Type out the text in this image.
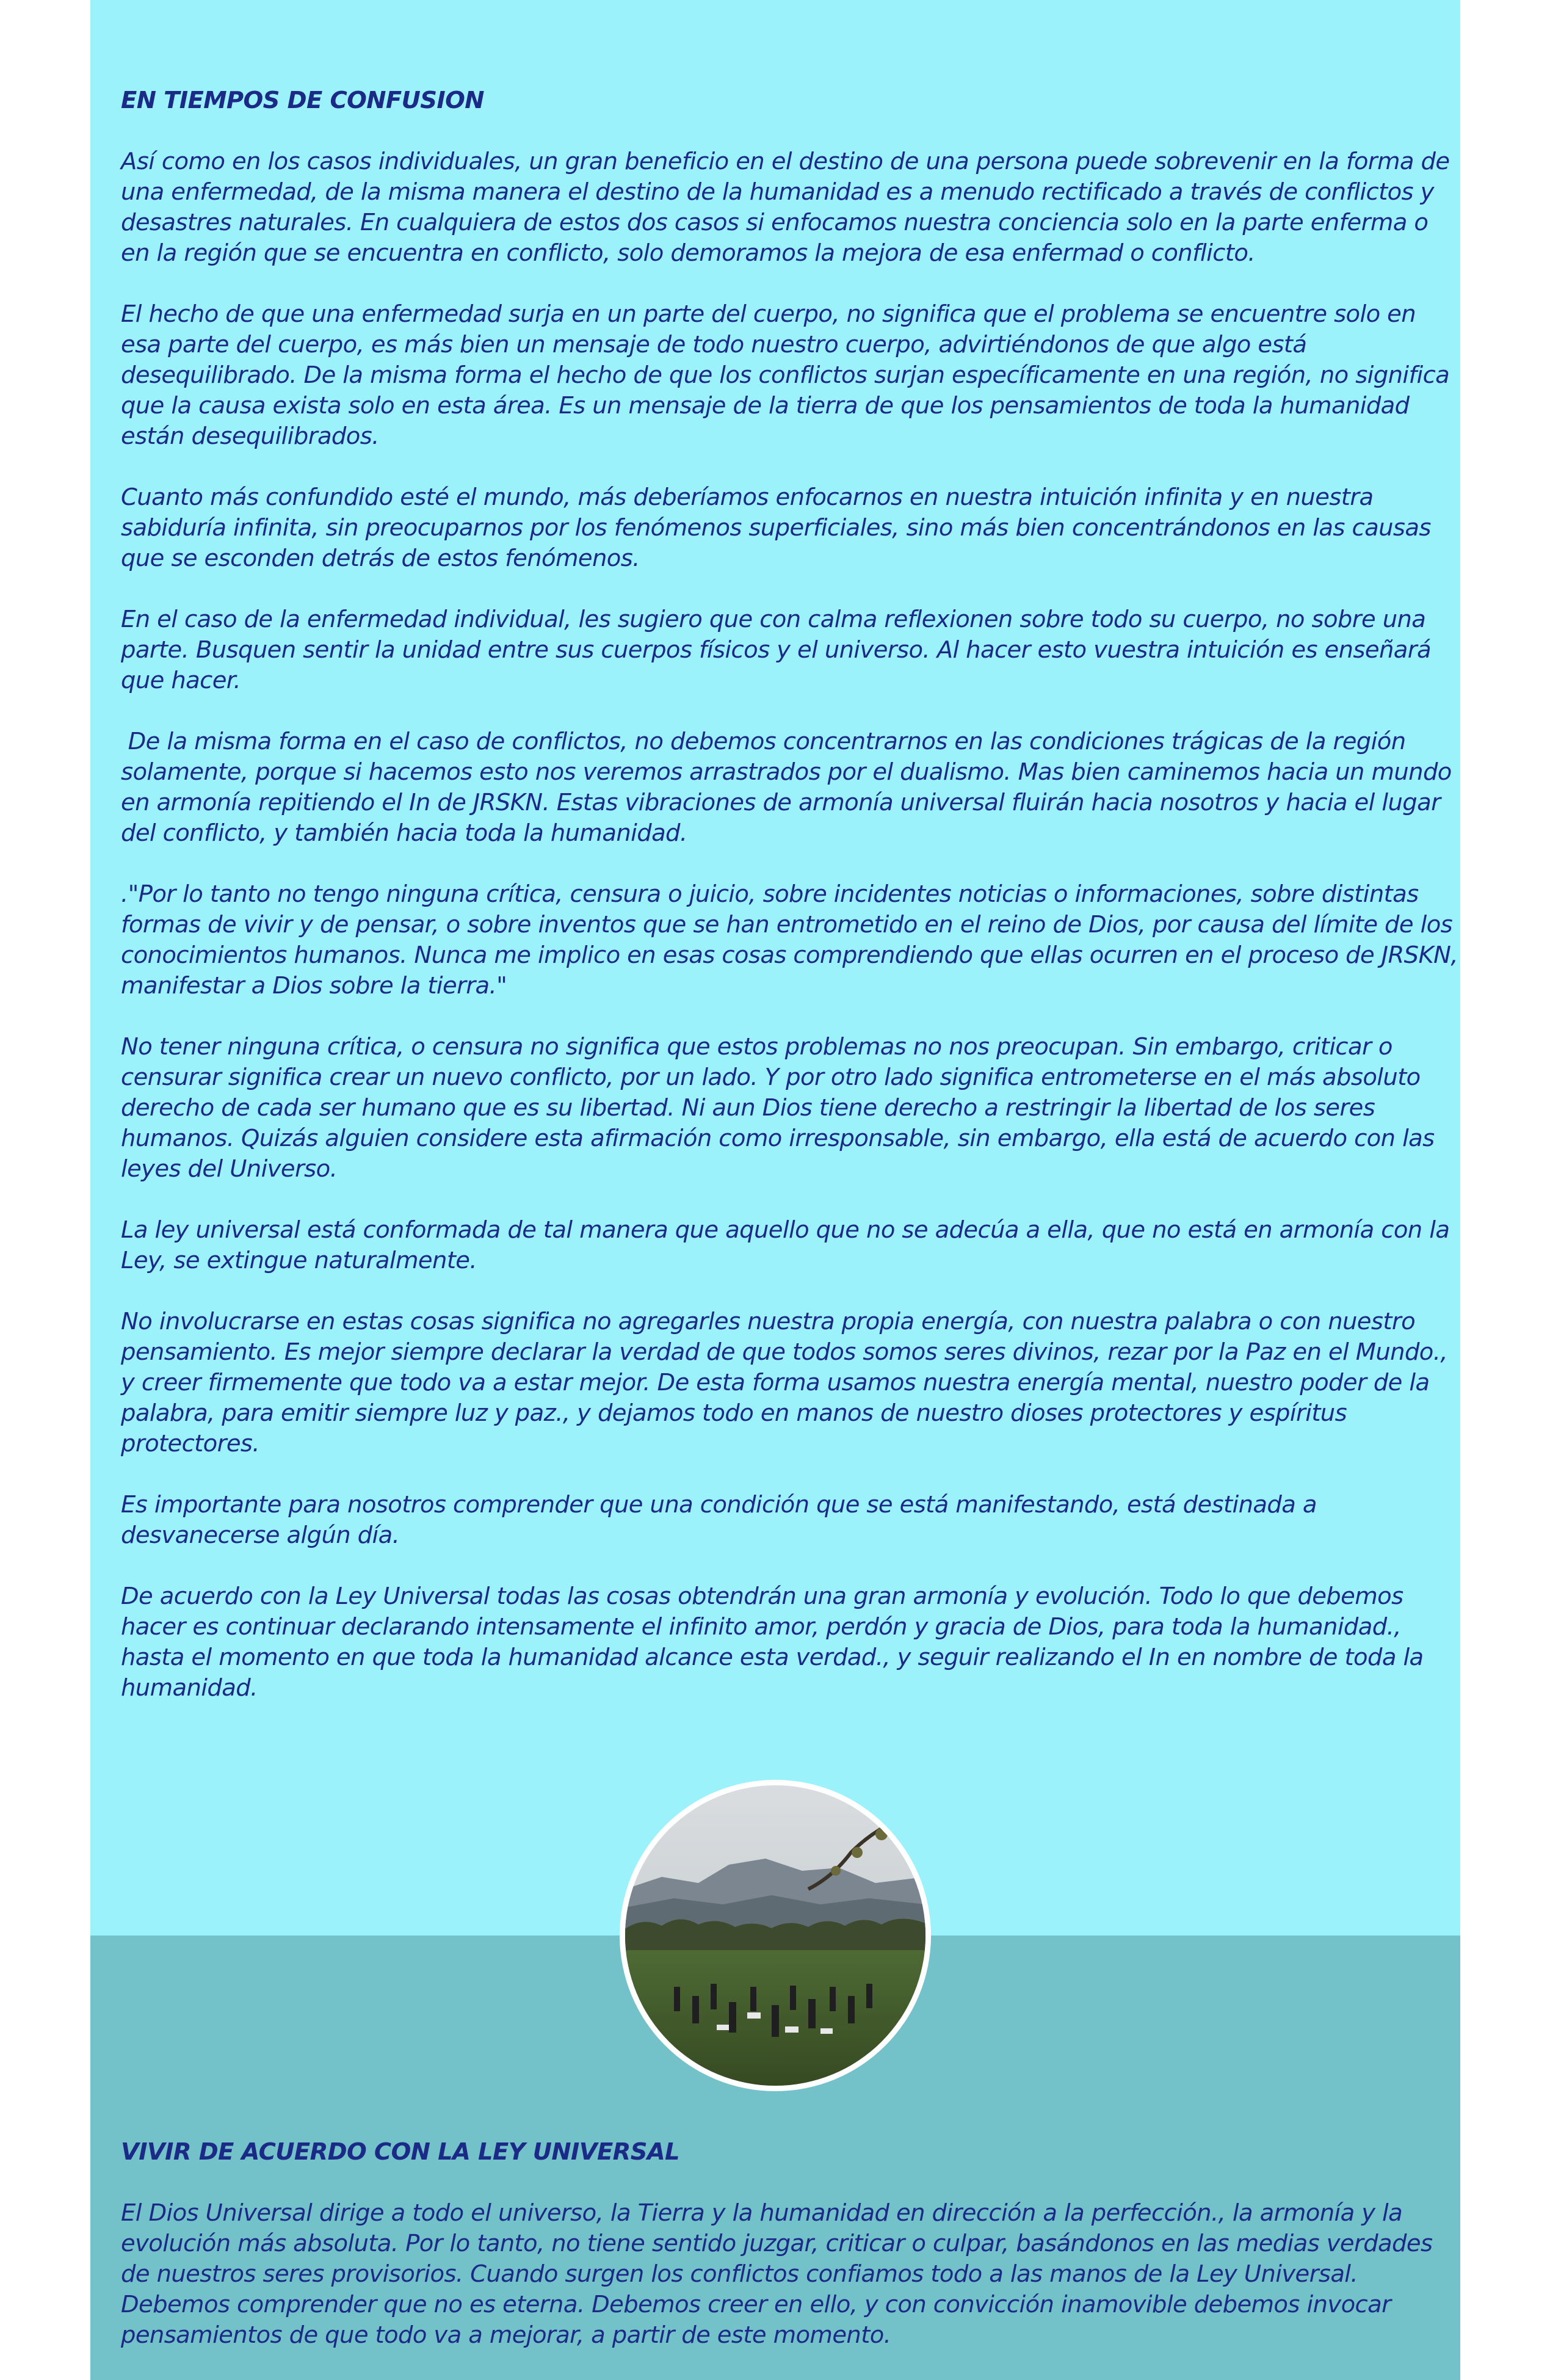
EN TIEMPOS DE CONFUSION

Así como en los casos individuales, un gran beneficio en el destino de una persona puede sobrevenir en la forma de una enfermedad, de la misma manera el destino de la humanidad es a menudo rectificado a través de conflictos y desastres naturales. En cualquiera de estos dos casos si enfocamos nuestra conciencia solo en la parte enferma o en la región que se encuentra en conflicto, solo demoramos la mejora de esa enfermad o conflicto.

El hecho de que una enfermedad surja en un parte del cuerpo, no significa que el problema se encuentre solo en esa parte del cuerpo, es más bien un mensaje de todo nuestro cuerpo, advirtiéndonos de que algo está desequilibrado. De la misma forma el hecho de que los conflictos surjan específicamente en una región, no significa que la causa exista solo en esta área. Es un mensaje de la tierra de que los pensamientos de toda la humanidad están desequilibrados.

Cuanto más confundido esté el mundo, más deberíamos enfocarnos en nuestra intuición infinita y en nuestra sabiduría infinita, sin preocuparnos por los fenómenos superficiales, sino más bien concentrándonos en las causas que se esconden detrás de estos fenómenos.

En el caso de la enfermedad individual, les sugiero que con calma reflexionen sobre todo su cuerpo, no sobre una parte. Busquen sentir la unidad entre sus cuerpos físicos y el universo. Al hacer esto vuestra intuición es enseñará que hacer.

De la misma forma en el caso de conflictos, no debemos concentrarnos en las condiciones trágicas de la región solamente, porque si hacemos esto nos veremos arrastrados por el dualismo. Mas bien caminemos hacia un mundo en armonía repitiendo el In de JRSKN. Estas vibraciones de armonía universal fluirán hacia nosotros y hacia el lugar del conflicto, y también hacia toda la humanidad.

."Por lo tanto no tengo ninguna crítica, censura o juicio, sobre incidentes noticias o informaciones, sobre distintas formas de vivir y de pensar, o sobre inventos que se han entrometido en el reino de Dios, por causa del límite de los conocimientos humanos. Nunca me implico en esas cosas comprendiendo que ellas ocurren en el proceso de JRSKN, manifestar a Dios sobre la tierra."

No tener ninguna crítica, o censura no significa que estos problemas no nos preocupan. Sin embargo, criticar o censurar significa crear un nuevo conflicto, por un lado. Y por otro lado significa entrometerse en el más absoluto derecho de cada ser humano que es su libertad. Ni aun Dios tiene derecho a restringir la libertad de los seres humanos. Quizás alguien considere esta afirmación como irresponsable, sin embargo, ella está de acuerdo con las leyes del Universo.

La ley universal está conformada de tal manera que aquello que no se adecúa a ella, que no está en armonía con la Ley, se extingue naturalmente.

No involucrarse en estas cosas significa no agregarles nuestra propia energía, con nuestra palabra o con nuestro pensamiento. Es mejor siempre declarar la verdad de que todos somos seres divinos, rezar por la Paz en el Mundo., y creer firmemente que todo va a estar mejor. De esta forma usamos nuestra energía mental, nuestro poder de la palabra, para emitir siempre luz y paz., y dejamos todo en manos de nuestro dioses protectores y espíritus protectores.

Es importante para nosotros comprender que una condición que se está manifestando, está destinada a desvanecerse algún día.

De acuerdo con la Ley Universal todas las cosas obtendrán una gran armonía y evolución. Todo lo que debemos hacer es continuar declarando intensamente el infinito amor, perdón y gracia de Dios, para toda la humanidad., hasta el momento en que toda la humanidad alcance esta verdad., y seguir realizando el In en nombre de toda la humanidad.

VIVIR DE ACUERDO CON LA LEY UNIVERSAL

El Dios Universal dirige a todo el universo, la Tierra y la humanidad en dirección a la perfección., la armonía y la evolución más absoluta. Por lo tanto, no tiene sentido juzgar, criticar o culpar, basándonos en las medias verdades de nuestros seres provisorios. Cuando surgen los conflictos confiamos todo a las manos de la Ley Universal. Debemos comprender que no es eterna. Debemos creer en ello, y con convicción inamovible debemos invocar pensamientos de que todo va a mejorar, a partir de este momento.
